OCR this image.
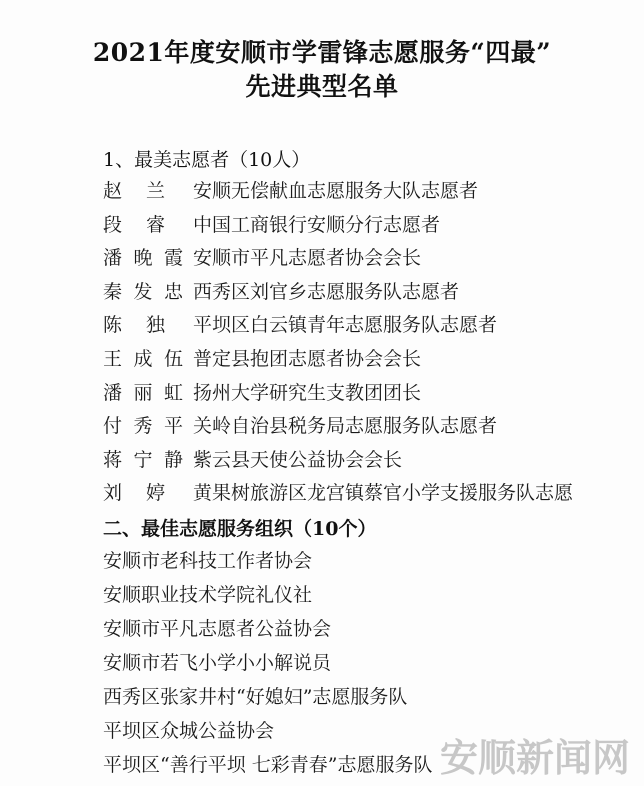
2021年度安顺市学雷锋志愿服务“四最”
先进典型名单
1、最美志愿者（10人）
赵 兰 安顺无偿献血志愿服务大队志愿者
段 睿 中国工商银行安顺分行志愿者
潘 晚 霞 安顺市平凡志愿者协会会长
秦 发 忠 西秀区刘官乡志愿服务队志愿者
陈 独 平坝区白云镇青年志愿服务队志愿者
王 成 伍 普定县抱团志愿者协会会长
潘 丽 虹 扬州大学研究生支教团团长
付 秀 平 关岭自治县税务局志愿服务队志愿者
蒋 宁 静 紫云县天使公益协会会长
刘 婷 黄果树旅游区龙宫镇蔡官小学支援服务队志愿
二、最佳志愿服务组织（10个）
安顺市老科技工作者协会
安顺职业技术学院礼仪社
安顺市平凡志愿者公益协会
安顺市若飞小学小小解说员
西秀区张家井村“好媳妇”志愿服务队
平坝区众城公益协会
平坝区“善行平坝 七彩青春”志愿服务队 安顺新闻网
